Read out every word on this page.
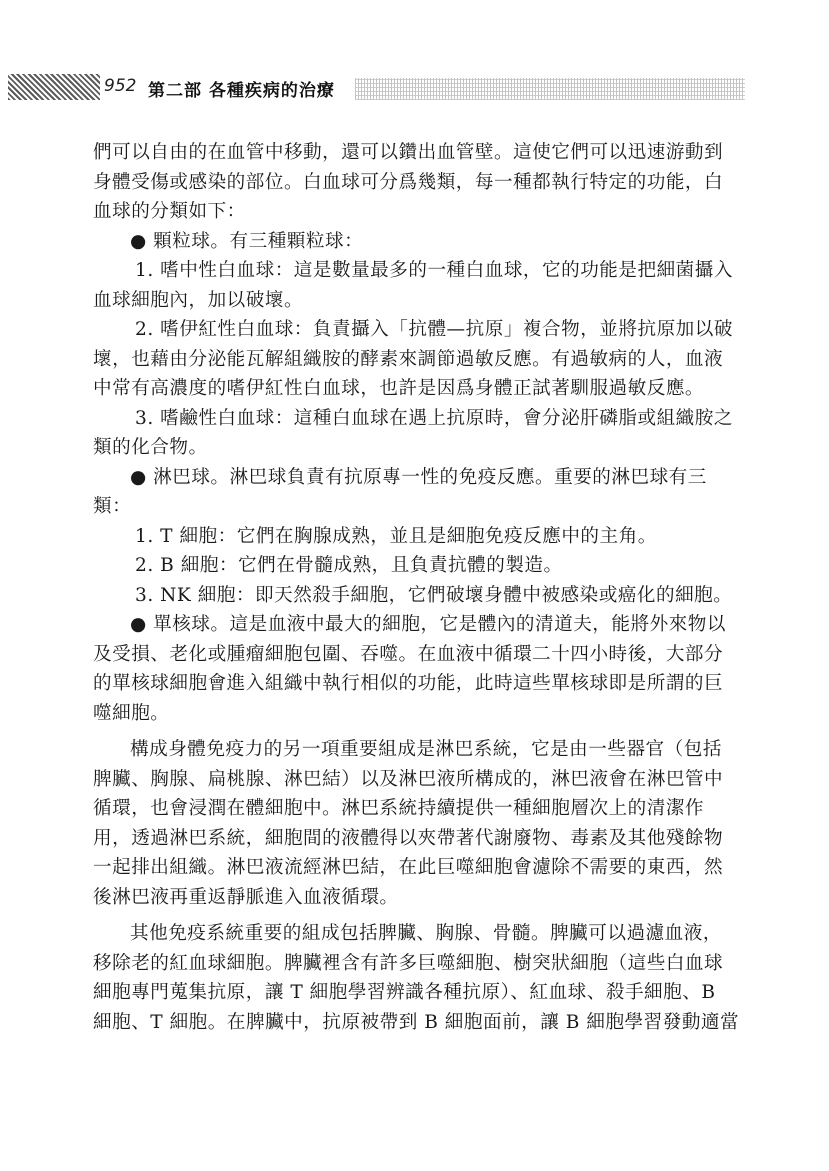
952 第二部 各種疾病的治療
們可以自由的在血管中移動，還可以鑽出血管壁。這使它們可以迅速游動到
身體受傷或感染的部位。白血球可分爲幾類，每一種都執行特定的功能，白
血球的分類如下：
● 顆粒球。有三種顆粒球：
1. 嗜中性白血球：這是數量最多的一種白血球，它的功能是把細菌攝入
血球細胞內，加以破壞。
2. 嗜伊紅性白血球：負責攝入「抗體—抗原」複合物，並將抗原加以破
壞，也藉由分泌能瓦解組織胺的酵素來調節過敏反應。有過敏病的人，血液
中常有高濃度的嗜伊紅性白血球，也許是因爲身體正試著馴服過敏反應。
3. 嗜鹼性白血球：這種白血球在遇上抗原時，會分泌肝磷脂或組織胺之
類的化合物。
● 淋巴球。淋巴球負責有抗原專一性的免疫反應。重要的淋巴球有三
類：
1. T 細胞：它們在胸腺成熟，並且是細胞免疫反應中的主角。
2. B 細胞：它們在骨髓成熟，且負責抗體的製造。
3. NK 細胞：即天然殺手細胞，它們破壞身體中被感染或癌化的細胞。
● 單核球。這是血液中最大的細胞，它是體內的清道夫，能將外來物以
及受損、老化或腫瘤細胞包圍、吞噬。在血液中循環二十四小時後，大部分
的單核球細胞會進入組織中執行相似的功能，此時這些單核球即是所謂的巨
噬細胞。
構成身體免疫力的另一項重要組成是淋巴系統，它是由一些器官（包括
脾臟、胸腺、扁桃腺、淋巴結）以及淋巴液所構成的，淋巴液會在淋巴管中
循環，也會浸潤在體細胞中。淋巴系統持續提供一種細胞層次上的清潔作
用，透過淋巴系統，細胞間的液體得以夾帶著代謝廢物、毒素及其他殘餘物
一起排出組織。淋巴液流經淋巴結，在此巨噬細胞會濾除不需要的東西，然
後淋巴液再重返靜脈進入血液循環。
其他免疫系統重要的組成包括脾臟、胸腺、骨髓。脾臟可以過濾血液，
移除老的紅血球細胞。脾臟裡含有許多巨噬細胞、樹突狀細胞（這些白血球
細胞專門蒐集抗原，讓 T 細胞學習辨識各種抗原）、紅血球、殺手細胞、B
細胞、T 細胞。在脾臟中，抗原被帶到 B 細胞面前，讓 B 細胞學習發動適當
